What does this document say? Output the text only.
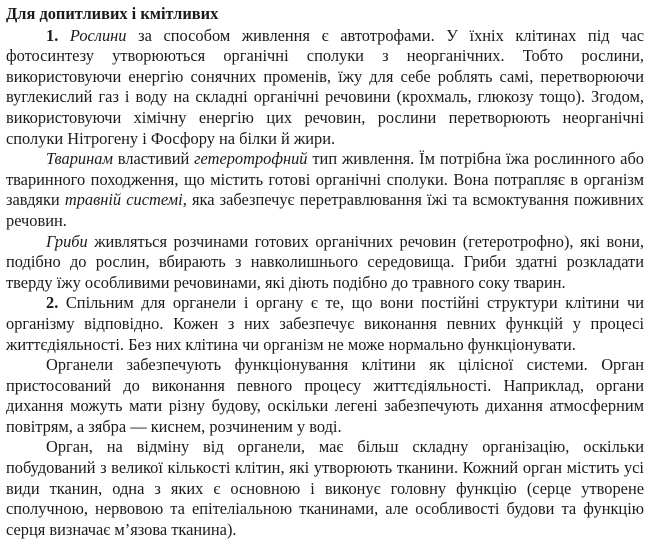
Для допитливих і кмітливих

1. Рослини за способом живлення є автотрофами. У їхніх клітинах під час фотосинтезу утворюються органічні сполуки з неорганічних. Тобто рослини, використовуючи енергію сонячних променів, їжу для себе роблять самі, перетворюючи вуглекислий газ і воду на складні органічні речовини (крохмаль, глюкозу тощо). Згодом, використовуючи хімічну енергію цих речовин, рослини перетворюють неорганічні сполуки Нітрогену і Фосфору на білки й жири.

Тваринам властивий гетеротрофний тип живлення. Їм потрібна їжа рослинного або тваринного походження, що містить готові органічні сполуки. Вона потрапляє в організм завдяки травній системі, яка забезпечує перетравлювання їжі та всмоктування поживних речовин.

Гриби живляться розчинами готових органічних речовин (гетеротрофно), які вони, подібно до рослин, вбирають з навколишнього середовища. Гриби здатні розкладати тверду їжу особливими речовинами, які діють подібно до травного соку тварин.

2. Спільним для органели і органу є те, що вони постійні структури клітини чи організму відповідно. Кожен з них забезпечує виконання певних функцій у процесі життєдіяльності. Без них клітина чи організм не може нормально функціонувати.

Органели забезпечують функціонування клітини як цілісної системи. Орган пристосований до виконання певного процесу життєдіяльності. Наприклад, органи дихання можуть мати різну будову, оскільки легені забезпечують дихання атмосферним повітрям, а зябра — киснем, розчиненим у воді.

Орган, на відміну від органели, має більш складну організацію, оскільки побудований з великої кількості клітин, які утворюють тканини. Кожний орган містить усі види тканин, одна з яких є основною і виконує головну функцію (серце утворене сполучною, нервовою та епітеліальною тканинами, але особливості будови та функцію серця визначає м’язова тканина).
